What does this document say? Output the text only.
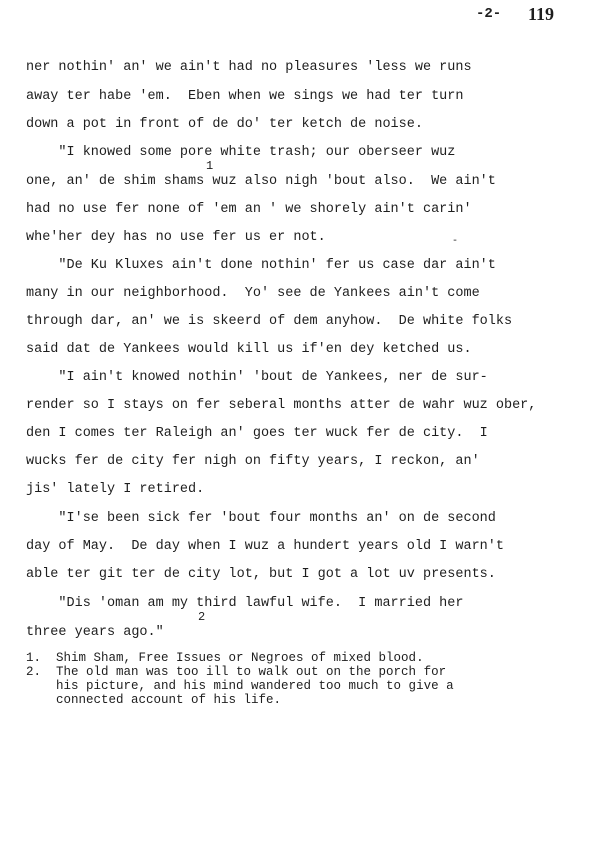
-2- 119
ner nothin' an' we ain't had no pleasures 'less we runs
away ter habe 'em.  Eben when we sings we had ter turn
down a pot in front of de do' ter ketch de noise.
"I knowed some pore white trash; our oberseer wuz
1
one, an' de shim shams wuz also nigh 'bout also.  We ain't
had no use fer none of 'em an ' we shorely ain't carin'
whe'her dey has no use fer us er not.	-
"De Ku Kluxes ain't done nothin' fer us case dar ain't
many in our neighborhood.  Yo' see de Yankees ain't come
through dar, an' we is skeerd of dem anyhow.  De white folks
said dat de Yankees would kill us if'en dey ketched us.
"I ain't knowed nothin' 'bout de Yankees, ner de sur-
render so I stays on fer seberal months atter de wahr wuz ober,
den I comes ter Raleigh an' goes ter wuck fer de city.  I
wucks fer de city fer nigh on fifty years, I reckon, an'
jis' lately I retired.
"I'se been sick fer 'bout four months an' on de second
day of May.  De day when I wuz a hundert years old I warn't
able ter git ter de city lot, but I got a lot uv presents.
"Dis 'oman am my third lawful wife.  I married her
2
three years ago."
1.  Shim Sham, Free Issues or Negroes of mixed blood.
2.  The old man was too ill to walk out on the porch for
his picture, and his mind wandered too much to give a
connected account of his life.
